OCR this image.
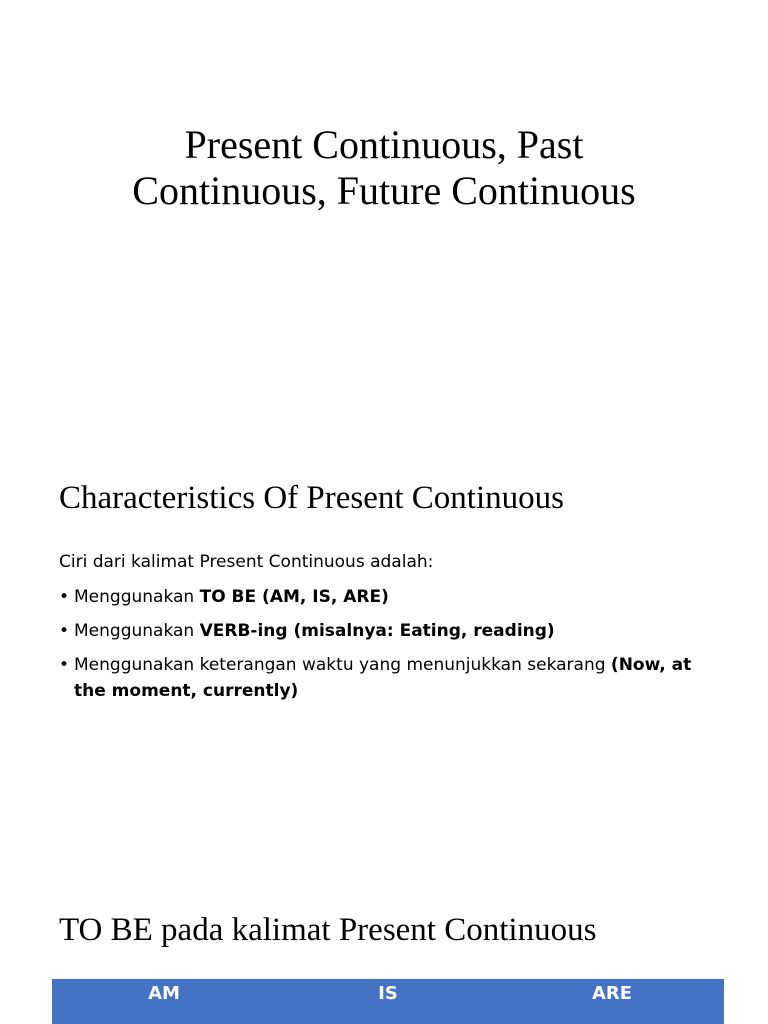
Present Continuous, Past
Continuous, Future Continuous
Characteristics Of Present Continuous

Ciri dari kalimat Present Continuous adalah:

• Menggunakan TO BE (AM, IS, ARE)
• Menggunakan VERB-ing (misalnya: Eating, reading)
• Menggunakan keterangan waktu yang menunjukkan sekarang (Now, at the moment, currently)
TO BE pada kalimat Present Continuous
AM	IS	ARE
